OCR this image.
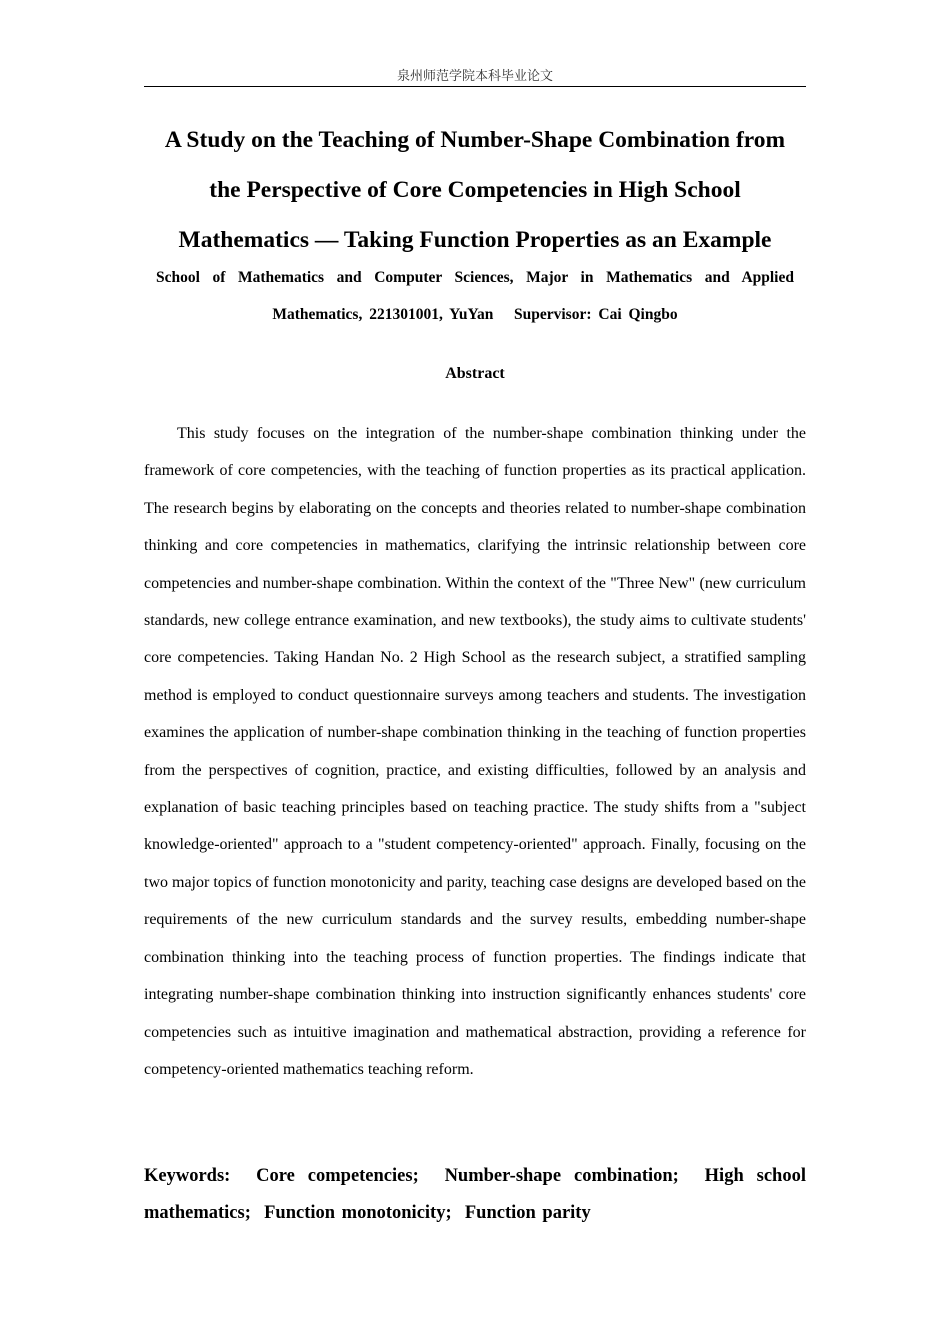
泉州师范学院本科毕业论文
A Study on the Teaching of Number-Shape Combination from
the Perspective of Core Competencies in High School
Mathematics — Taking Function Properties as an Example

School of Mathematics and Computer Sciences, Major in Mathematics and Applied
Mathematics, 221301001, YuYan   Supervisor: Cai Qingbo

Abstract

This study focuses on the integration of the number-shape combination thinking under the framework of core competencies, with the teaching of function properties as its practical application. The research begins by elaborating on the concepts and theories related to number-shape combination thinking and core competencies in mathematics, clarifying the intrinsic relationship between core competencies and number-shape combination. Within the context of the "Three New" (new curriculum standards, new college entrance examination, and new textbooks), the study aims to cultivate students' core competencies. Taking Handan No. 2 High School as the research subject, a stratified sampling method is employed to conduct questionnaire surveys among teachers and students. The investigation examines the application of number-shape combination thinking in the teaching of function properties from the perspectives of cognition, practice, and existing difficulties, followed by an analysis and explanation of basic teaching principles based on teaching practice. The study shifts from a "subject knowledge-oriented" approach to a "student competency-oriented" approach. Finally, focusing on the two major topics of function monotonicity and parity, teaching case designs are developed based on the requirements of the new curriculum standards and the survey results, embedding number-shape combination thinking into the teaching process of function properties. The findings indicate that integrating number-shape combination thinking into instruction significantly enhances students' core competencies such as intuitive imagination and mathematical abstraction, providing a reference for competency-oriented mathematics teaching reform.

Keywords:  Core competencies;  Number-shape combination;  High school mathematics;  Function monotonicity;  Function parity
